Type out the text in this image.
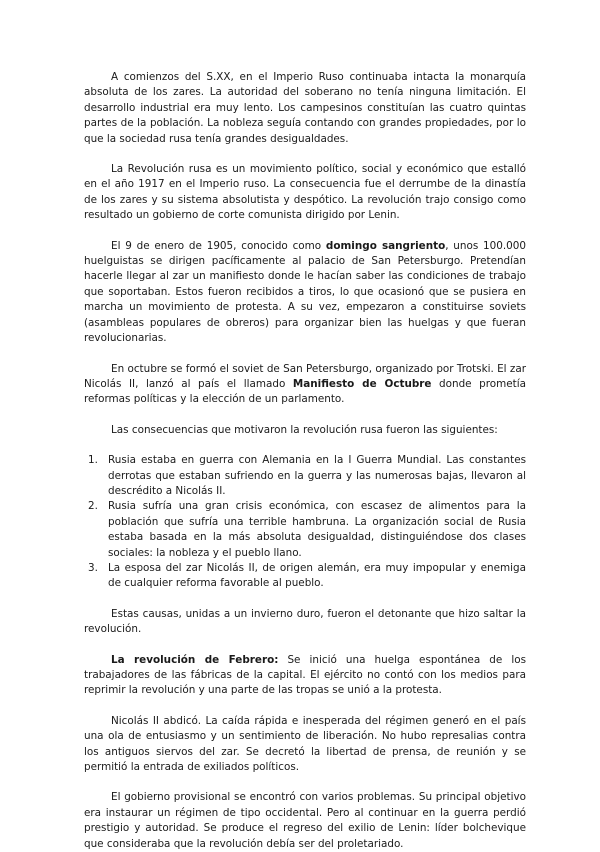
A comienzos del S.XX, en el Imperio Ruso continuaba intacta la monarquía absoluta de los zares. La autoridad del soberano no tenía ninguna limitación. El desarrollo industrial era muy lento. Los campesinos constituían las cuatro quintas partes de la población. La nobleza seguía contando con grandes propiedades, por lo que la sociedad rusa tenía grandes desigualdades.

La Revolución rusa es un movimiento político, social y económico que estalló en el año 1917 en el Imperio ruso. La consecuencia fue el derrumbe de la dinastía de los zares y su sistema absolutista y despótico. La revolución trajo consigo como resultado un gobierno de corte comunista dirigido por Lenin.

El 9 de enero de 1905, conocido como domingo sangriento, unos 100.000 huelguistas se dirigen pacíficamente al palacio de San Petersburgo. Pretendían hacerle llegar al zar un manifiesto donde le hacían saber las condiciones de trabajo que soportaban. Estos fueron recibidos a tiros, lo que ocasionó que se pusiera en marcha un movimiento de protesta. A su vez, empezaron a constituirse soviets (asambleas populares de obreros) para organizar bien las huelgas y que fueran revolucionarias.

En octubre se formó el soviet de San Petersburgo, organizado por Trotski. El zar Nicolás II, lanzó al país el llamado Manifiesto de Octubre donde prometía reformas políticas y la elección de un parlamento.

Las consecuencias que motivaron la revolución rusa fueron las siguientes:

1. Rusia estaba en guerra con Alemania en la I Guerra Mundial. Las constantes derrotas que estaban sufriendo en la guerra y las numerosas bajas, llevaron al descrédito a Nicolás II.
2. Rusia sufría una gran crisis económica, con escasez de alimentos para la población que sufría una terrible hambruna. La organización social de Rusia estaba basada en la más absoluta desigualdad, distinguiéndose dos clases sociales: la nobleza y el pueblo llano.
3. La esposa del zar Nicolás II, de origen alemán, era muy impopular y enemiga de cualquier reforma favorable al pueblo.

Estas causas, unidas a un invierno duro, fueron el detonante que hizo saltar la revolución.

La revolución de Febrero: Se inició una huelga espontánea de los trabajadores de las fábricas de la capital. El ejército no contó con los medios para reprimir la revolución y una parte de las tropas se unió a la protesta.

Nicolás II abdicó. La caída rápida e inesperada del régimen generó en el país una ola de entusiasmo y un sentimiento de liberación. No hubo represalias contra los antiguos siervos del zar. Se decretó la libertad de prensa, de reunión y se permitió la entrada de exiliados políticos.

El gobierno provisional se encontró con varios problemas. Su principal objetivo era instaurar un régimen de tipo occidental. Pero al continuar en la guerra perdió prestigio y autoridad. Se produce el regreso del exilio de Lenin: líder bolchevique que consideraba que la revolución debía ser del proletariado.
